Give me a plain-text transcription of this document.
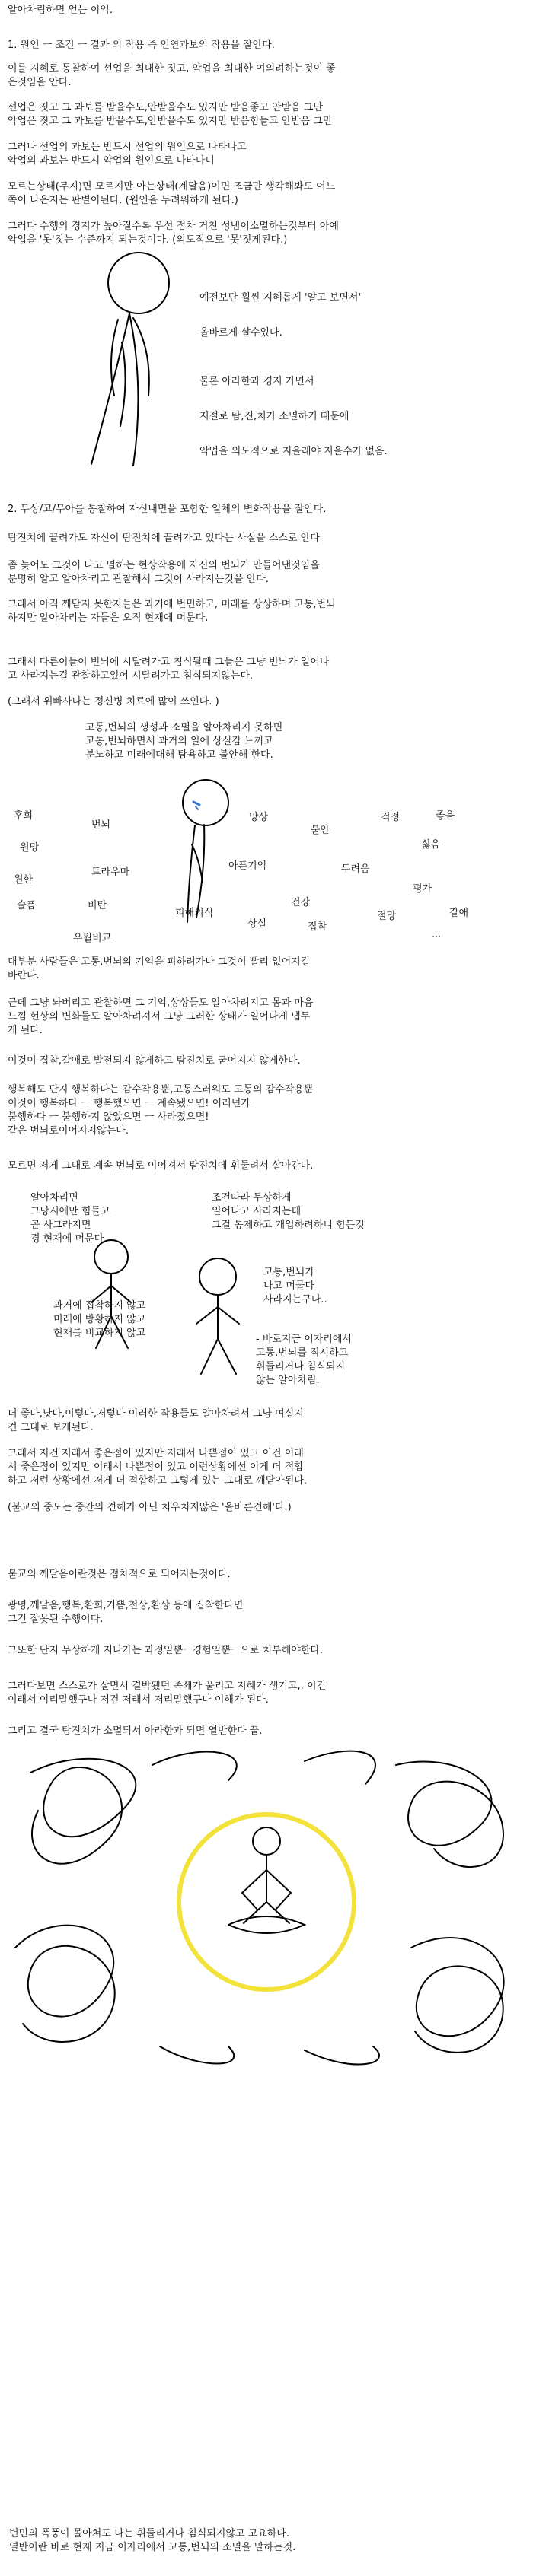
알아차림하면 얻는 이익.
1. 원인 ㅡ 조건 ㅡ 결과 의 작용 즉 인연과보의 작용을 잘안다.
이를 지혜로 통찰하여 선업을 최대한 짓고, 악업을 최대한 여의려하는것이 좋
은것임을 안다.
선업은 짓고 그 과보를 받을수도,안받을수도 있지만 받음좋고 안받음 그만
악업은 짓고 그 과보를 받을수도,안받을수도 있지만 받음힘들고 안받음 그만
그러나 선업의 과보는 반드시 선업의 원인으로 나타나고
악업의 과보는 반드시 악업의 원인으로 나타나니
모르는상태(무지)면 모르지만 아는상태(계달음)이면 조금만 생각해봐도 어느
쪽이 나은지는 판별이된다. (원인을 두려워하게 된다.)
그러다 수행의 경지가 높아질수록 우선 점차 거친 성냄이소멸하는것부터 아예
악업을 '못'짓는 수준까지 되는것이다. (의도적으로 '못'짓게된다.)
예전보단 훨씬 지혜롭게 '알고 보면서'
올바르게 살수있다.
물론 아라한과 경지 가면서
저절로 탐,진,치가 소멸하기 때문에
악업을 의도적으로 지을래야 지을수가 없음.
2. 무상/고/무아를 통찰하여 자신내면을 포함한 일체의 변화작용을 잘안다.
탐진치에 끌려가도 자신이 탐진치에 끌려가고 있다는 사실을 스스로 안다
좀 늦어도 그것이 나고 멸하는 현상작용에 자신의 번뇌가 만들어낸것임을
분명히 알고 알아차리고 관찰해서 그것이 사라지는것을 안다.
그래서 아직 깨닫지 못한자들은 과거에 번민하고, 미래를 상상하며 고통,번뇌
하지만 알아차리는 자들은 오직 현재에 머문다.
그래서 다른이들이 번뇌에 시달려가고 침식될때 그들은 그냥 번뇌가 일어나
고 사라지는걸 관찰하고있어 시달려가고 침식되지않는다.
(그래서 위빠사나는 정신병 치료에 많이 쓰인다. )
고통,번뇌의 생성과 소멸을 알아차리지 못하면
고통,번뇌하면서 과거의 일에 상실감 느끼고
분노하고 미래에대해 탐욕하고 불안해 한다.
후회
번뇌
망상	걱정	좋음
원망
불안
싫음
원한
트라우마
아픈기억	두려움
평가
슬픔	비탄	건강
절망	갈애
피해의식
상실	집착
우월비교	...
대부분 사람들은 고통,번뇌의 기억을 피하려가나 그것이 빨리 없어지길
바란다.
근데 그냥 놔버리고 관찰하면 그 기억,상상들도 알아차려지고 몸과 마음
느낌 현상의 변화들도 알아차려져서 그냥 그러한 상태가 일어나게 냅두
게 된다.
이것이 집착,갈애로 발전되지 않게하고 탐진치로 굳어지지 않게한다.
행복해도 단지 행복하다는 감수작용뿐,고통스러워도 고통의 감수작용뿐
이것이 행복하다 ㅡ 행복했으면 ㅡ 계속됐으면! 이러던가
불행하다 ㅡ 불행하지 않았으면 ㅡ 사라졌으면!
같은 번뇌로이어지지않는다.
모르면 저게 그대로 계속 번뇌로 이어져서 탐진치에 휘둘려서 살아간다.
알아차리면
그당시에만 힘들고
곧 사그라지면
경 현재에 머문다
조건따라 무상하게
일어나고 사라지는데
그걸 통제하고 개입하려하니 힘든것
고통,번뇌가
나고 머물다
사라지는구나..
과거에 집착하지 않고
미래에 방황하지 않고
현재를 비교하지 않고
- 바로지금 이자리에서
고통,번뇌를 직시하고
휘둘리거나 침식되지
않는 알아차림.
더 좋다,낫다,이렇다,저렇다 이러한 작용들도 알아차려서 그냥 여실지
견 그대로 보게된다.
그래서 저건 저래서 좋은점이 있지만 저래서 나쁜점이 있고 이건 이래
서 좋은점이 있지만 이래서 나쁜점이 있고 이런상황에선 이게 더 적합
하고 저런 상황에선 저게 더 적합하고 그렇게 있는 그대로 깨닫아된다.
(불교의 중도는 중간의 견해가 아닌 치우치지않은 '올바른견해'다.)
불교의 깨달음이란것은 점차적으로 되어지는것이다.
광명,깨달음,행복,환희,기쁨,천상,환상 등에 집착한다면
그건 잘못된 수행이다.
그또한 단지 무상하게 지나가는 과정일뿐ㅡ경험일뿐ㅡ으로 치부해야한다.
그러다보면 스스로가 살면서 결박됐던 족쇄가 풀리고 지혜가 생기고,, 이건
이래서 이리말했구나 저건 저래서 저리말했구나 이해가 된다.
그리고 결국 탐진치가 소멸되서 아라한과 되면 열반한다 끝.
번민의 폭풍이 몰아쳐도 나는 휘둘리거나 침식되지않고 고요하다.
열반이란 바로 현재 지금 이자리에서 고통,번뇌의 소멸을 말하는것.
